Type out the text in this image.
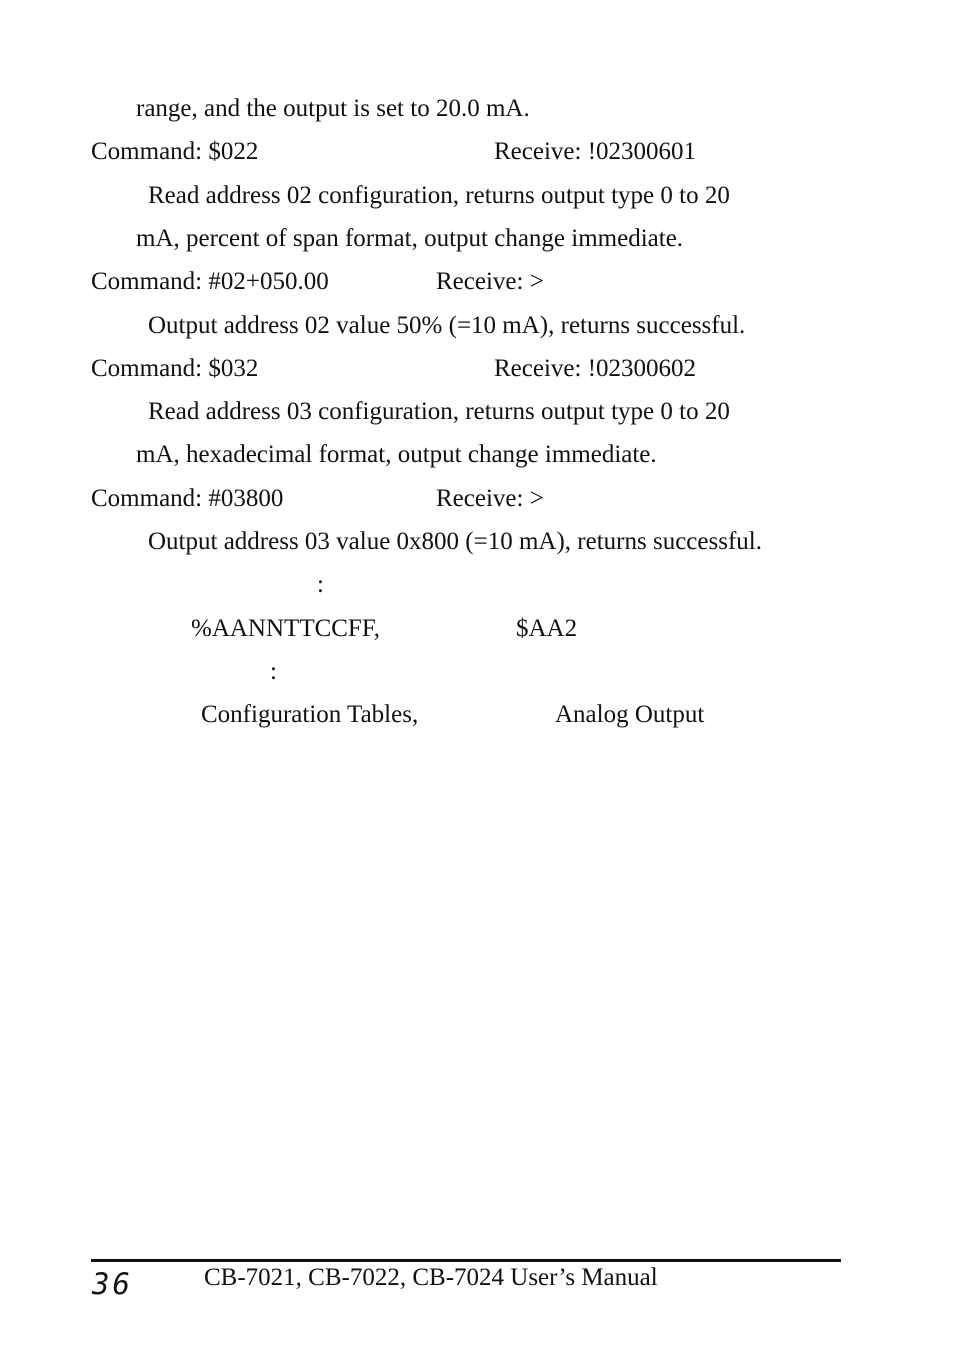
range, and the output is set to 20.0 mA.
Command: $022	Receive: !02300601
Read address 02 configuration, returns output type 0 to 20
mA, percent of span format, output change immediate.
Command: #02+050.00	Receive: >
Output address 02 value 50% (=10 mA), returns successful.
Command: $032	Receive: !02300602
Read address 03 configuration, returns output type 0 to 20
mA, hexadecimal format, output change immediate.
Command: #03800	Receive: >
Output address 03 value 0x800 (=10 mA), returns successful.
:
%AANNTTCCFF,	$AA2
:
Configuration Tables,	Analog Output
36	CB-7021, CB-7022, CB-7024 User’s Manual
